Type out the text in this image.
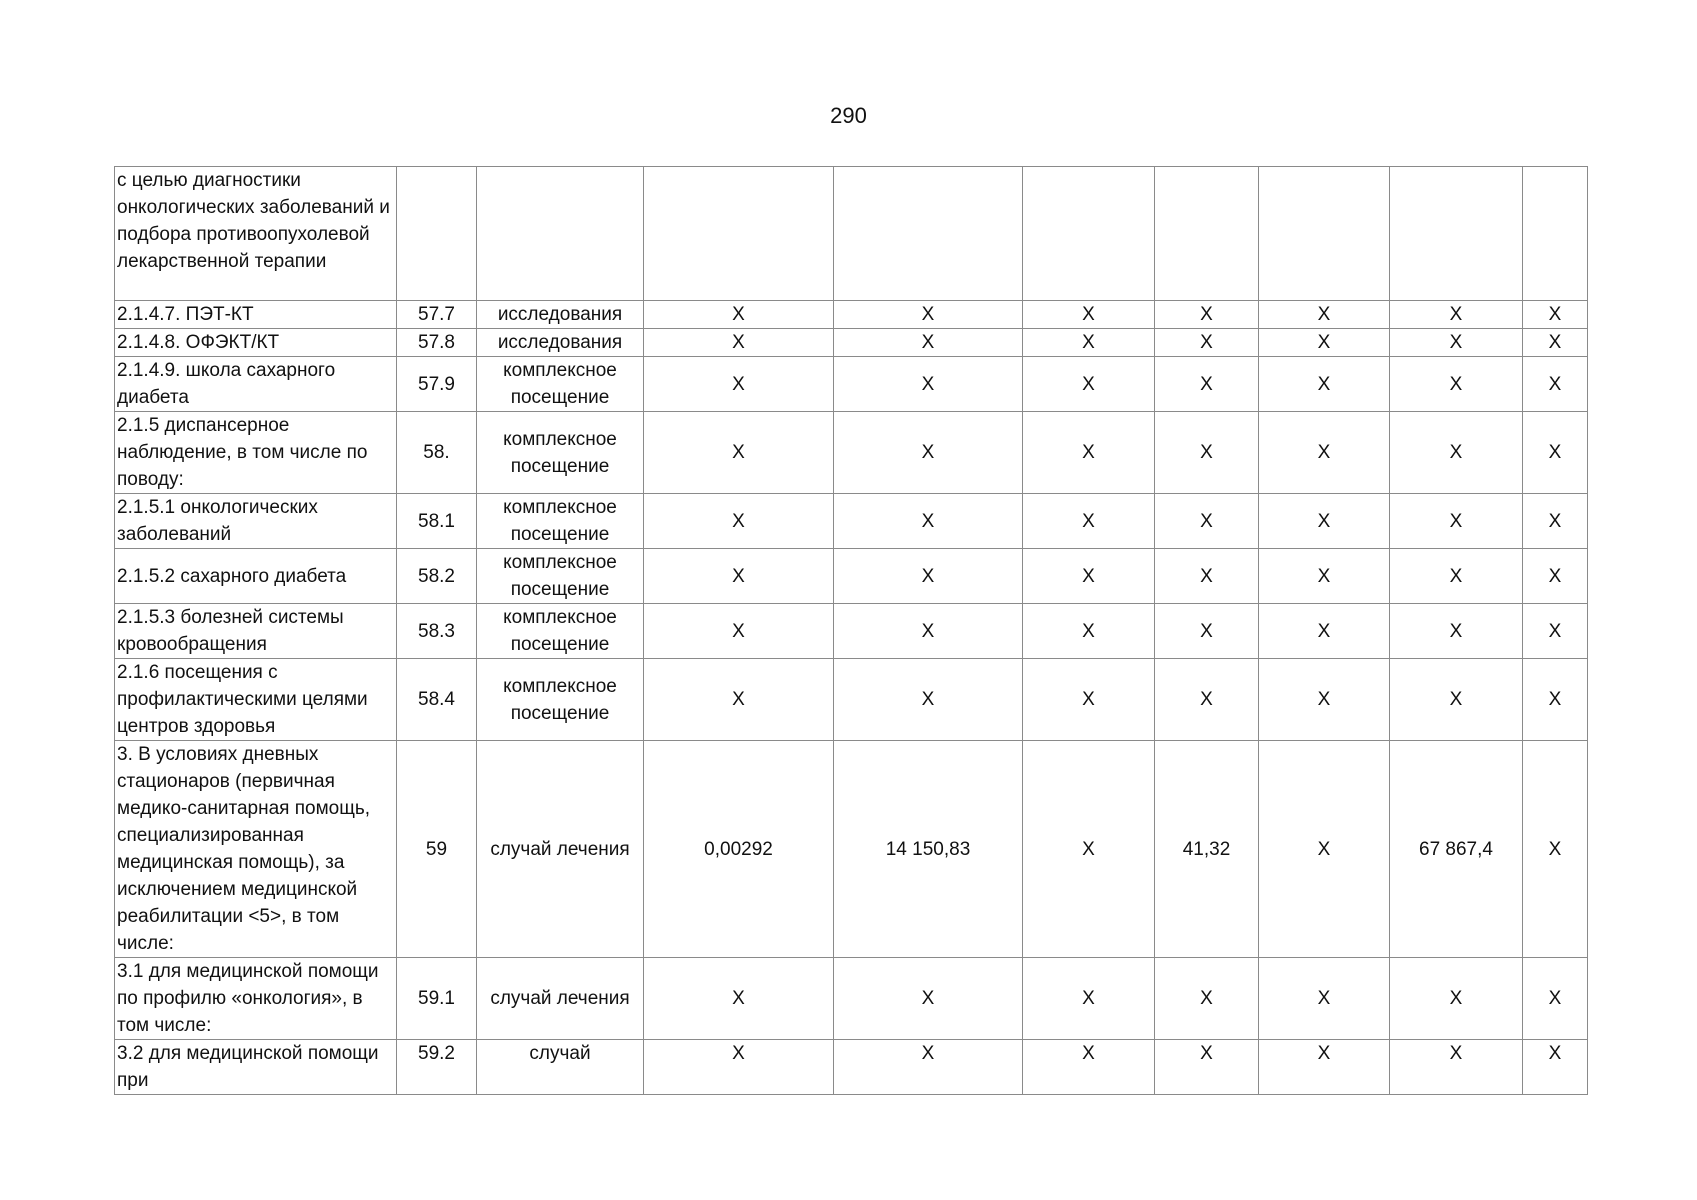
290
с целью диагностики онкологических заболеваний и подбора противоопухолевой лекарственной терапии									
2.1.4.7. ПЭТ-КТ	57.7	исследования	X	X	X	X	X	X	X
2.1.4.8. ОФЭКТ/КТ	57.8	исследования	X	X	X	X	X	X	X
2.1.4.9. школа сахарного диабета	57.9	комплексное посещение	X	X	X	X	X	X	X
2.1.5 диспансерное наблюдение, в том числе по поводу:	58.	комплексное посещение	X	X	X	X	X	X	X
2.1.5.1 онкологических заболеваний	58.1	комплексное посещение	X	X	X	X	X	X	X
2.1.5.2 сахарного диабета	58.2	комплексное посещение	X	X	X	X	X	X	X
2.1.5.3 болезней системы кровообращения	58.3	комплексное посещение	X	X	X	X	X	X	X
2.1.6 посещения с профилактическими целями центров здоровья	58.4	комплексное посещение	X	X	X	X	X	X	X
3. В условиях дневных стационаров (первичная медико-санитарная помощь, специализированная медицинская помощь), за исключением медицинской реабилитации <5>, в том числе:	59	случай лечения	0,00292	14 150,83	X	41,32	X	67 867,4	X
3.1 для медицинской помощи по профилю «онкология», в том числе:	59.1	случай лечения	X	X	X	X	X	X	X
3.2 для медицинской помощи при	59.2	случай	X	X	X	X	X	X	X
